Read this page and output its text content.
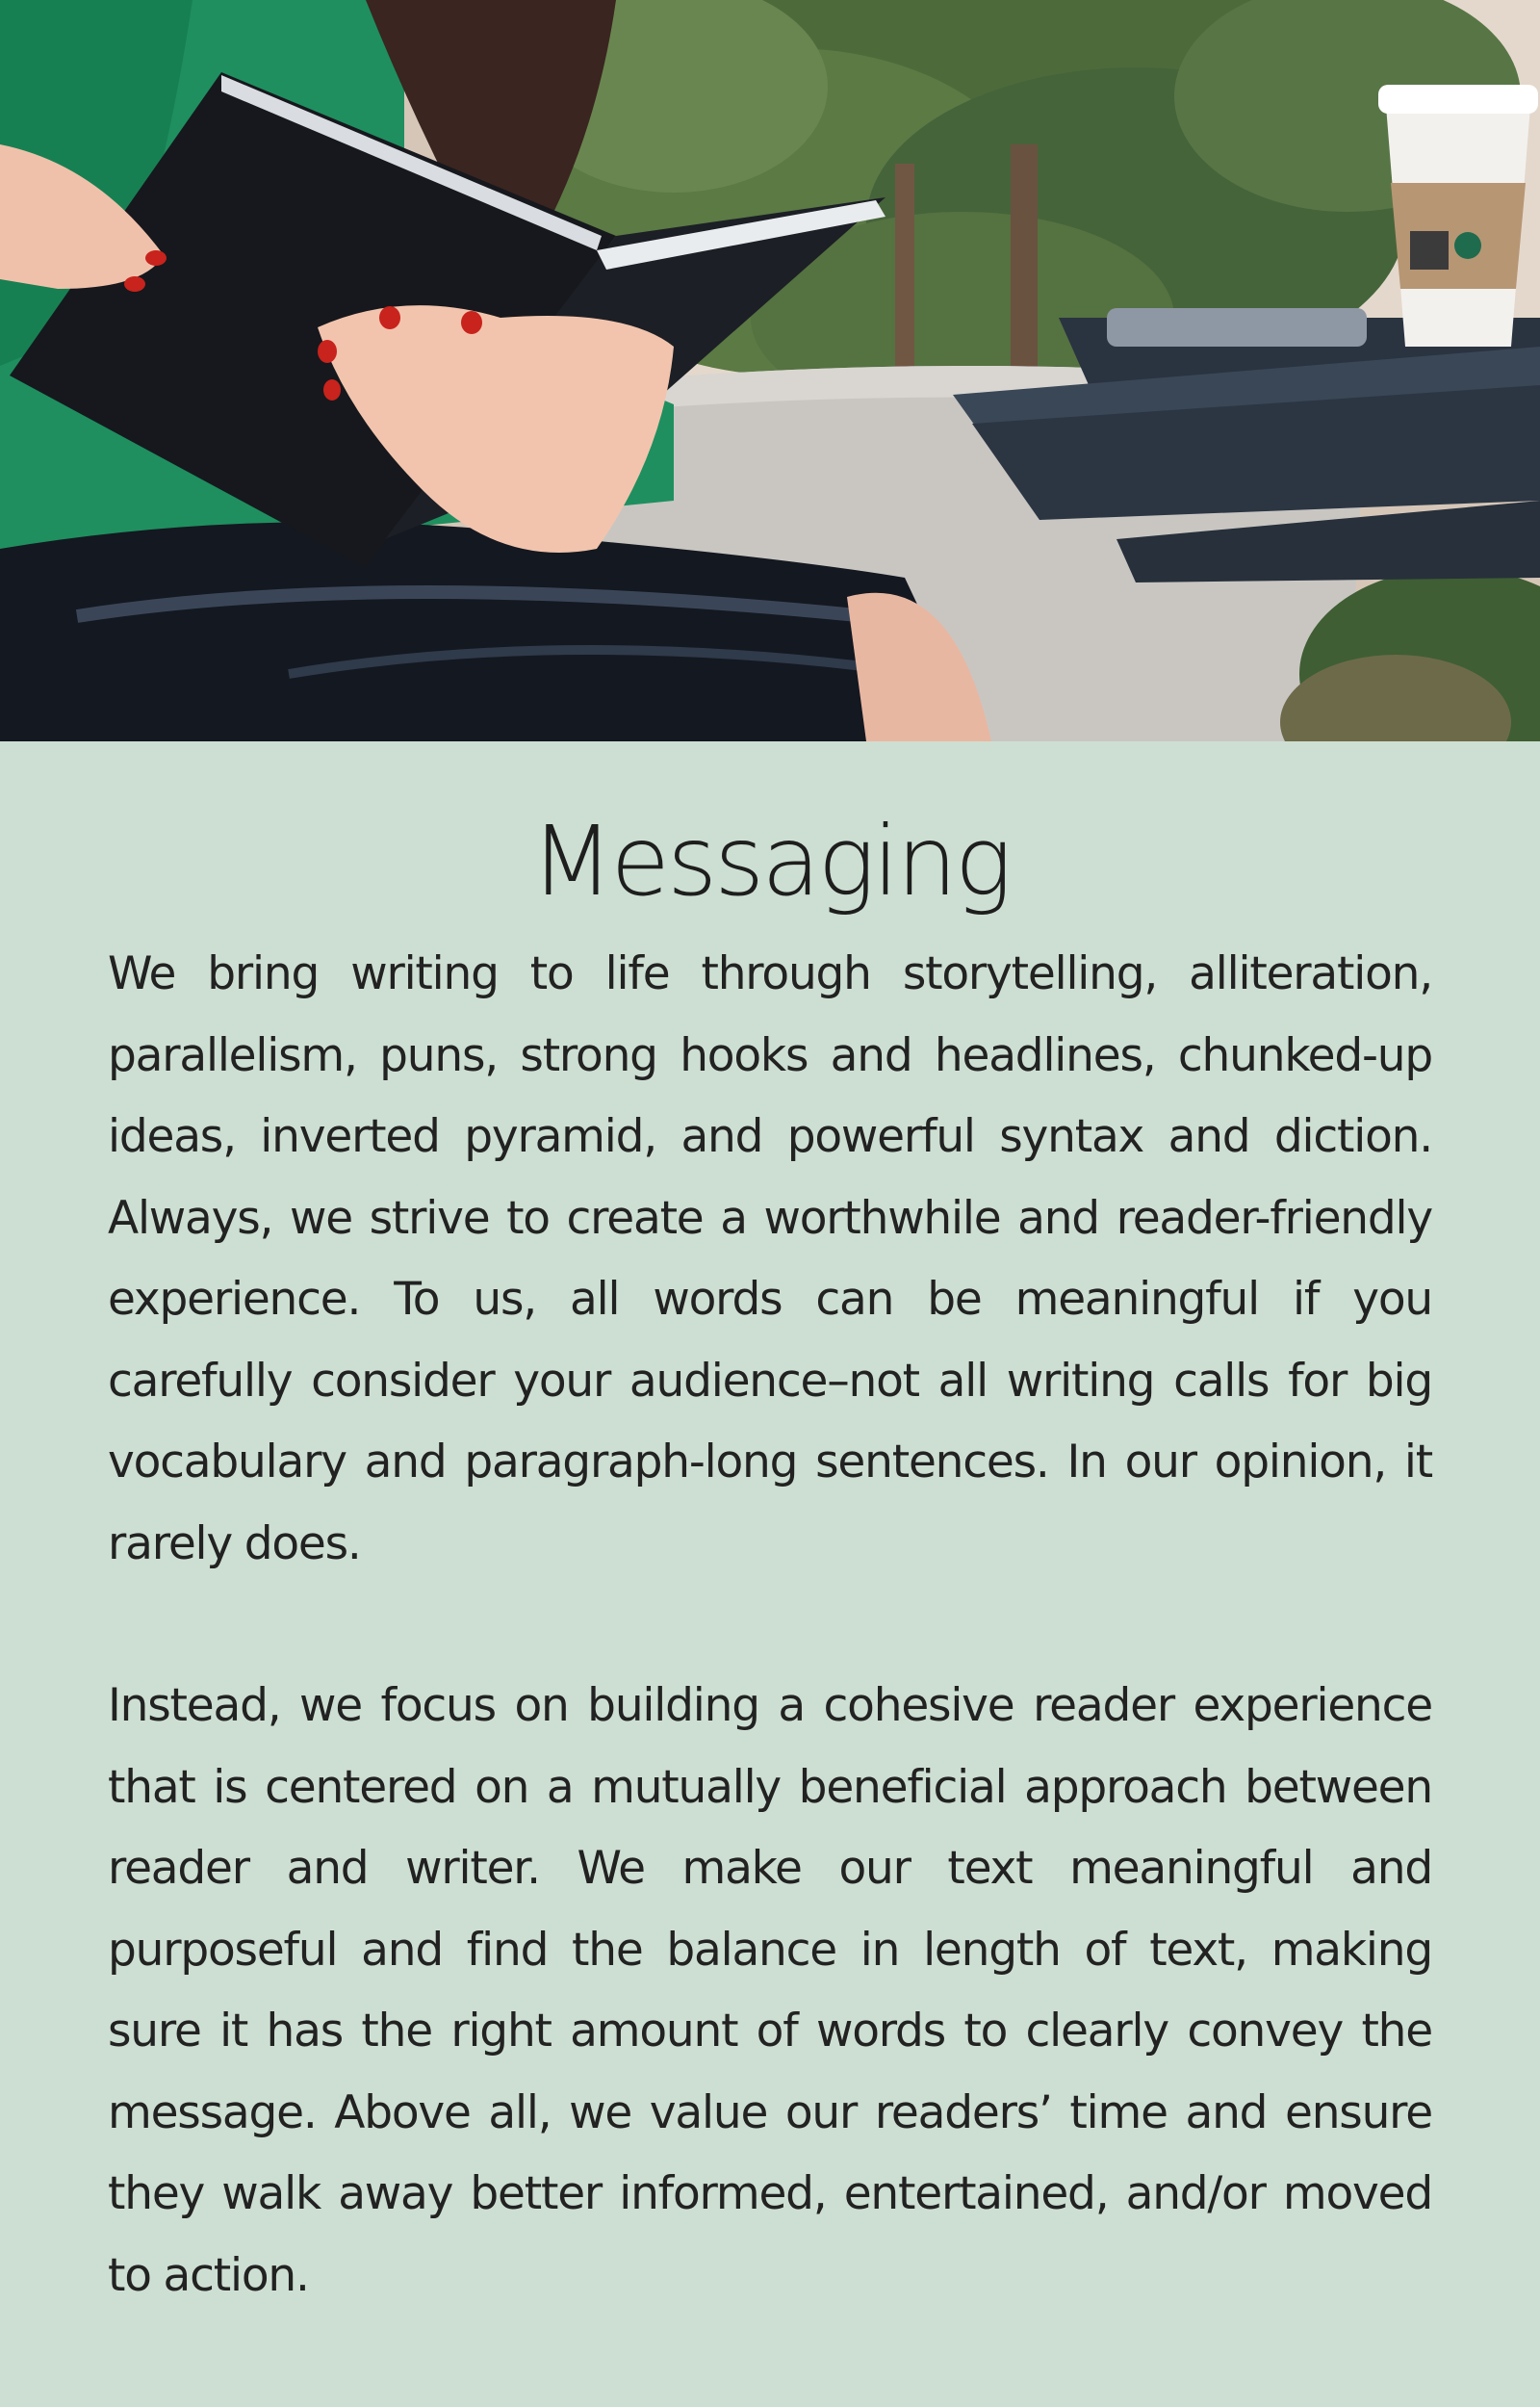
Messaging

We bring writing to life through storytelling, alliteration, parallelism, puns, strong hooks and headlines, chunked-up ideas, inverted pyramid, and powerful syntax and diction. Always, we strive to create a worthwhile and reader-friendly experience. To us, all words can be meaningful if you carefully consider your audience–not all writing calls for big vocabulary and paragraph-long sentences. In our opinion, it rarely does.

Instead, we focus on building a cohesive reader experience that is centered on a mutually beneficial approach between reader and writer. We make our text meaningful and purposeful and find the balance in length of text, making sure it has the right amount of words to clearly convey the message. Above all, we value our readers’ time and ensure they walk away better informed, entertained, and/or moved to action.
